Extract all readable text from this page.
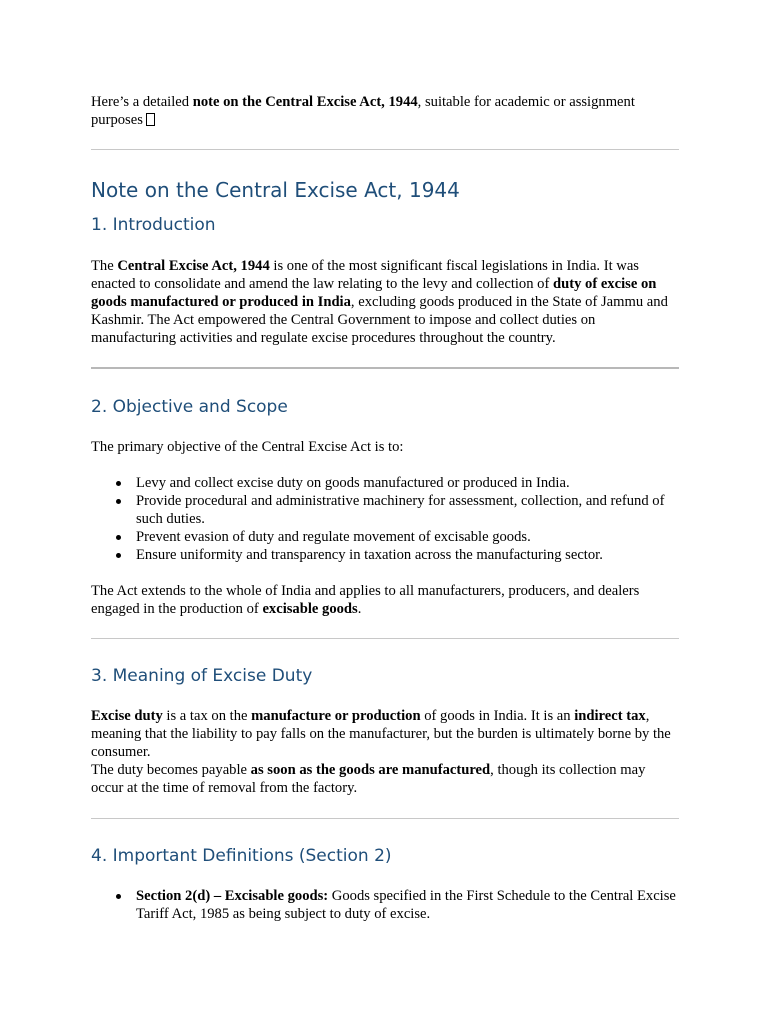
Here’s a detailed note on the Central Excise Act, 1944, suitable for academic or assignment purposes

Note on the Central Excise Act, 1944
1. Introduction

The Central Excise Act, 1944 is one of the most significant fiscal legislations in India. It was enacted to consolidate and amend the law relating to the levy and collection of duty of excise on goods manufactured or produced in India, excluding goods produced in the State of Jammu and Kashmir. The Act empowered the Central Government to impose and collect duties on manufacturing activities and regulate excise procedures throughout the country.

2. Objective and Scope

The primary objective of the Central Excise Act is to:

Levy and collect excise duty on goods manufactured or produced in India.
Provide procedural and administrative machinery for assessment, collection, and refund of such duties.
Prevent evasion of duty and regulate movement of excisable goods.
Ensure uniformity and transparency in taxation across the manufacturing sector.

The Act extends to the whole of India and applies to all manufacturers, producers, and dealers engaged in the production of excisable goods.

3. Meaning of Excise Duty

Excise duty is a tax on the manufacture or production of goods in India. It is an indirect tax, meaning that the liability to pay falls on the manufacturer, but the burden is ultimately borne by the consumer.
The duty becomes payable as soon as the goods are manufactured, though its collection may occur at the time of removal from the factory.

4. Important Definitions (Section 2)
Section 2(d) – Excisable goods: Goods specified in the First Schedule to the Central Excise Tariff Act, 1985 as being subject to duty of excise.
